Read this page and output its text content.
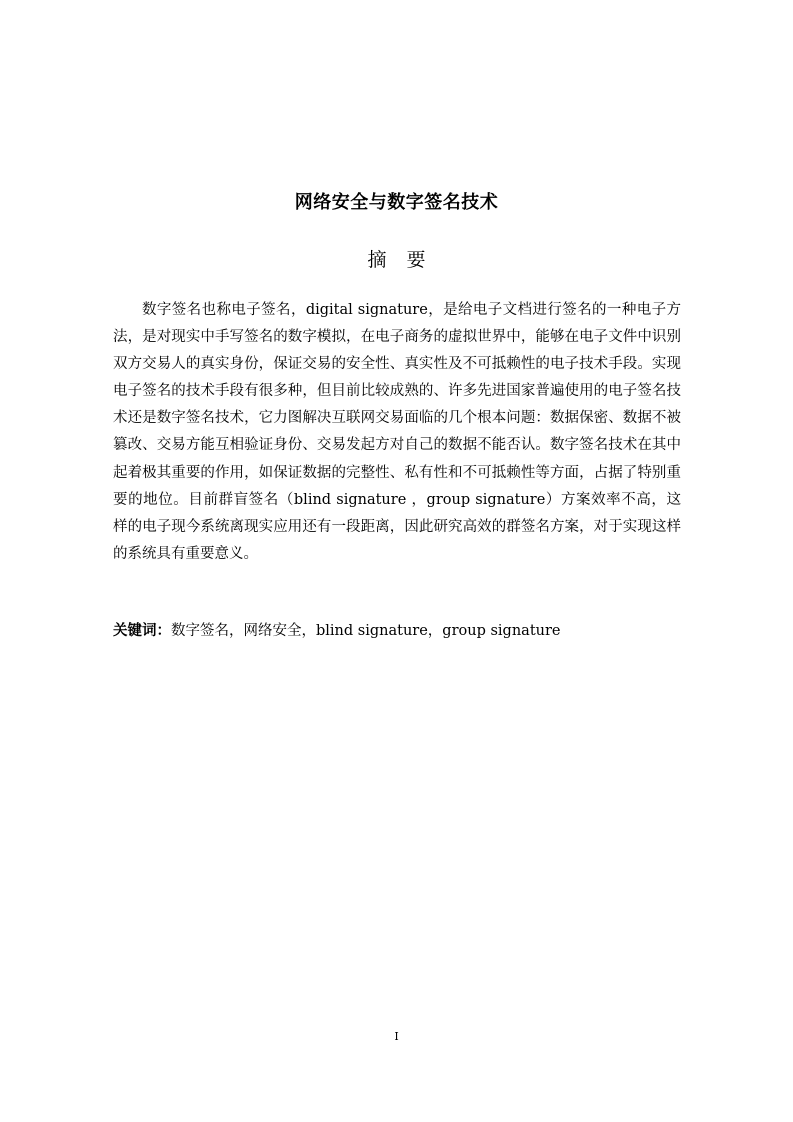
网络安全与数字签名技术
摘 要

数字签名也称电子签名，digital signature，是给电子文档进行签名的一种电子方法，是对现实中手写签名的数字模拟，在电子商务的虚拟世界中，能够在电子文件中识别双方交易人的真实身份，保证交易的安全性、真实性及不可抵赖性的电子技术手段。实现电子签名的技术手段有很多种，但目前比较成熟的、许多先进国家普遍使用的电子签名技术还是数字签名技术，它力图解决互联网交易面临的几个根本问题：数据保密、数据不被篡改、交易方能互相验证身份、交易发起方对自己的数据不能否认。数字签名技术在其中起着极其重要的作用，如保证数据的完整性、私有性和不可抵赖性等方面，占据了特别重要的地位。目前群盲签名（blind signature ，group signature）方案效率不高，这样的电子现今系统离现实应用还有一段距离，因此研究高效的群签名方案，对于实现这样的系统具有重要意义。

关键词：数字签名，网络安全，blind signature，group signature

I
